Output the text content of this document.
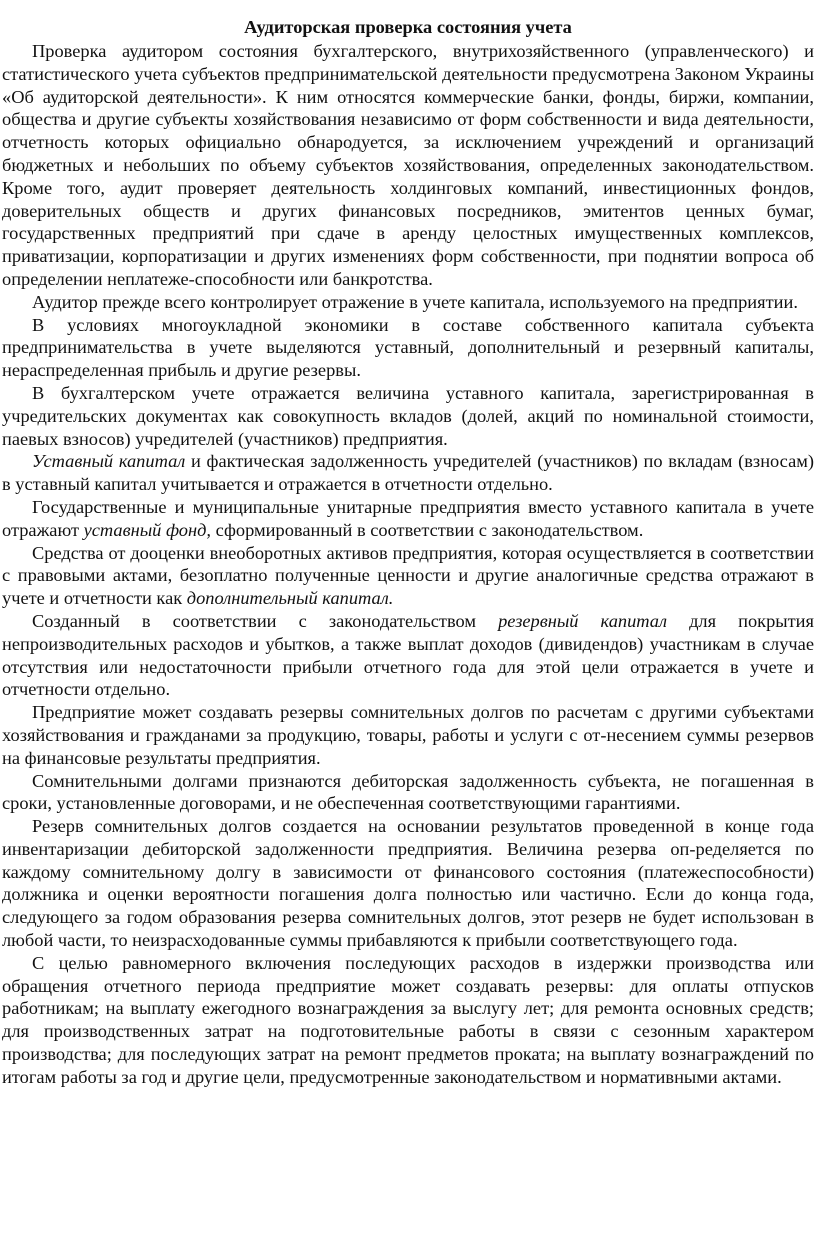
Аудиторская проверка состояния учета

Проверка аудитором состояния бухгалтерского, внутрихозяйственного (управленческого) и статистического учета субъектов предпринимательской деятельности предусмотрена Законом Украины «Об аудиторской деятельности». К ним относятся коммерческие банки, фонды, биржи, компании, общества и другие субъекты хозяйствования независимо от форм собственности и вида деятельности, отчетность которых официально обнародуется, за исключением учреждений и организаций бюджетных и небольших по объему субъектов хозяйствования, определенных законодательством. Кроме того, аудит проверяет деятельность холдинговых компаний, инвестиционных фондов, доверительных обществ и других финансовых посредников, эмитентов ценных бумаг, государственных предприятий при сдаче в аренду целостных имущественных комплексов, приватизации, корпоратизации и других изменениях форм собственности, при поднятии вопроса об определении неплатеже-способности или банкротства.

Аудитор прежде всего контролирует отражение в учете капитала, используемого на предприятии.

В условиях многоукладной экономики в составе собственного капитала субъекта предпринимательства в учете выделяются уставный, дополнительный и резервный капиталы, нераспределенная прибыль и другие резервы.

В бухгалтерском учете отражается величина уставного капитала, зарегистрированная в учредительских документах как совокупность вкладов (долей, акций по номинальной стоимости, паевых взносов) учредителей (участников) предприятия.

Уставный капитал и фактическая задолженность учредителей (участников) по вкладам (взносам) в уставный капитал учитывается и отражается в отчетности отдельно.

Государственные и муниципальные унитарные предприятия вместо уставного капитала в учете отражают уставный фонд, сформированный в соответствии с законодательством.

Средства от дооценки внеоборотных активов предприятия, которая осуществляется в соответствии с правовыми актами, безоплатно полученные ценности и другие аналогичные средства отражают в учете и отчетности как дополнительный капитал.

Созданный в соответствии с законодательством резервный капитал для покрытия непроизводительных расходов и убытков, а также выплат доходов (дивидендов) участникам в случае отсутствия или недостаточности прибыли отчетного года для этой цели отражается в учете и отчетности отдельно.

Предприятие может создавать резервы сомнительных долгов по расчетам с другими субъектами хозяйствования и гражданами за продукцию, товары, работы и услуги с от-несением суммы резервов на финансовые результаты предприятия.

Сомнительными долгами признаются дебиторская задолженность субъекта, не погашенная в сроки, установленные договорами, и не обеспеченная соответствующими гарантиями.

Резерв сомнительных долгов создается на основании результатов проведенной в конце года инвентаризации дебиторской задолженности предприятия. Величина резерва оп-ределяется по каждому сомнительному долгу в зависимости от финансового состояния (платежеспособности) должника и оценки вероятности погашения долга полностью или частично. Если до конца года, следующего за годом образования резерва сомнительных долгов, этот резерв не будет использован в любой части, то неизрасходованные суммы прибавляются к прибыли соответствующего года.

С целью равномерного включения последующих расходов в издержки производства или обращения отчетного периода предприятие может создавать резервы: для оплаты отпусков работникам; на выплату ежегодного вознаграждения за выслугу лет; для ремонта основных средств; для производственных затрат на подготовительные работы в связи с сезонным характером производства; для последующих затрат на ремонт предметов проката; на выплату вознаграждений по итогам работы за год и другие цели, предусмотренные законодательством и нормативными актами.
